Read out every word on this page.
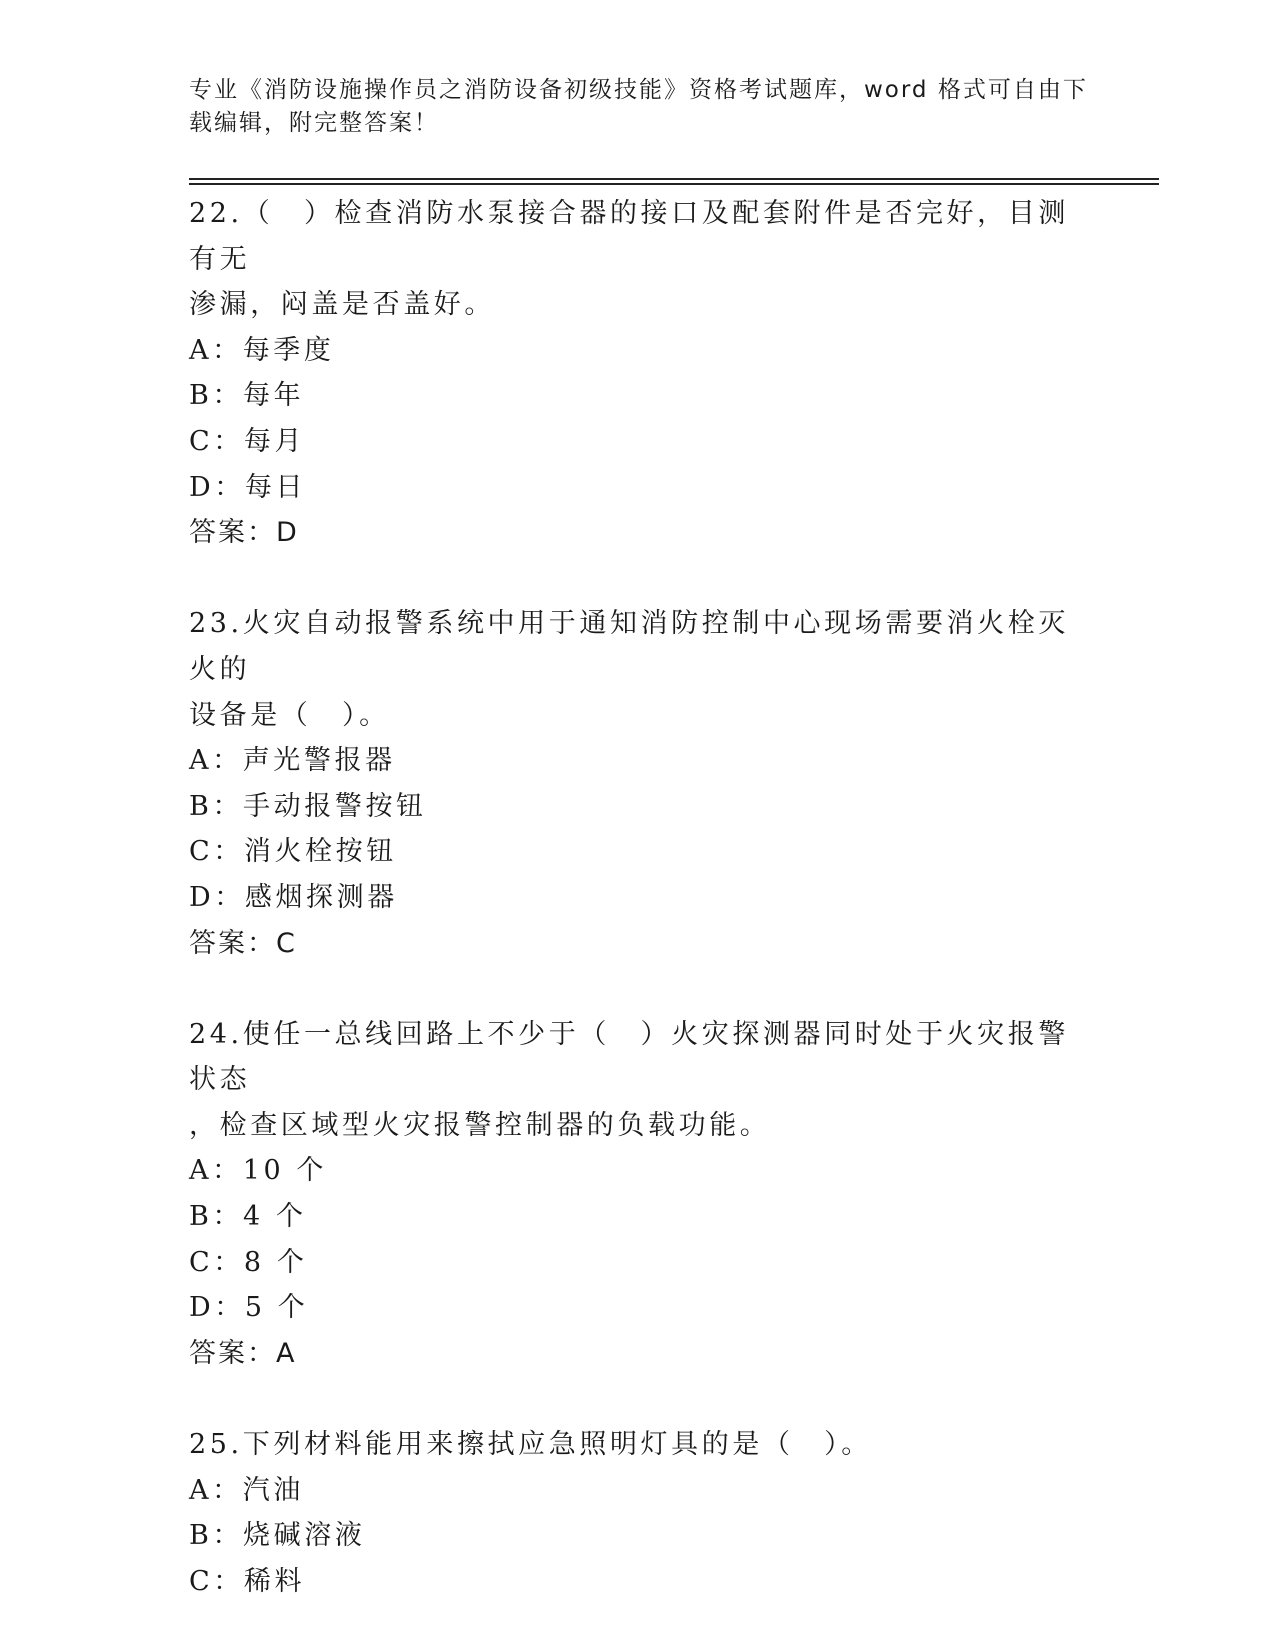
专业《消防设施操作员之消防设备初级技能》资格考试题库，word 格式可自由下
载编辑，附完整答案！

22.（　）检查消防水泵接合器的接口及配套附件是否完好，目测有无

渗漏，闷盖是否盖好。

A：每季度

B：每年

C：每月

D：每日

答案：D

23.火灾自动报警系统中用于通知消防控制中心现场需要消火栓灭火的

设备是（　）。

A：声光警报器

B：手动报警按钮

C：消火栓按钮

D：感烟探测器

答案：C

24.使任一总线回路上不少于（　）火灾探测器同时处于火灾报警状态

，检查区域型火灾报警控制器的负载功能。

A：10 个

B：4 个

C：8 个

D：5 个

答案：A

25.下列材料能用来擦拭应急照明灯具的是（　）。

A：汽油

B：烧碱溶液

C：稀料
